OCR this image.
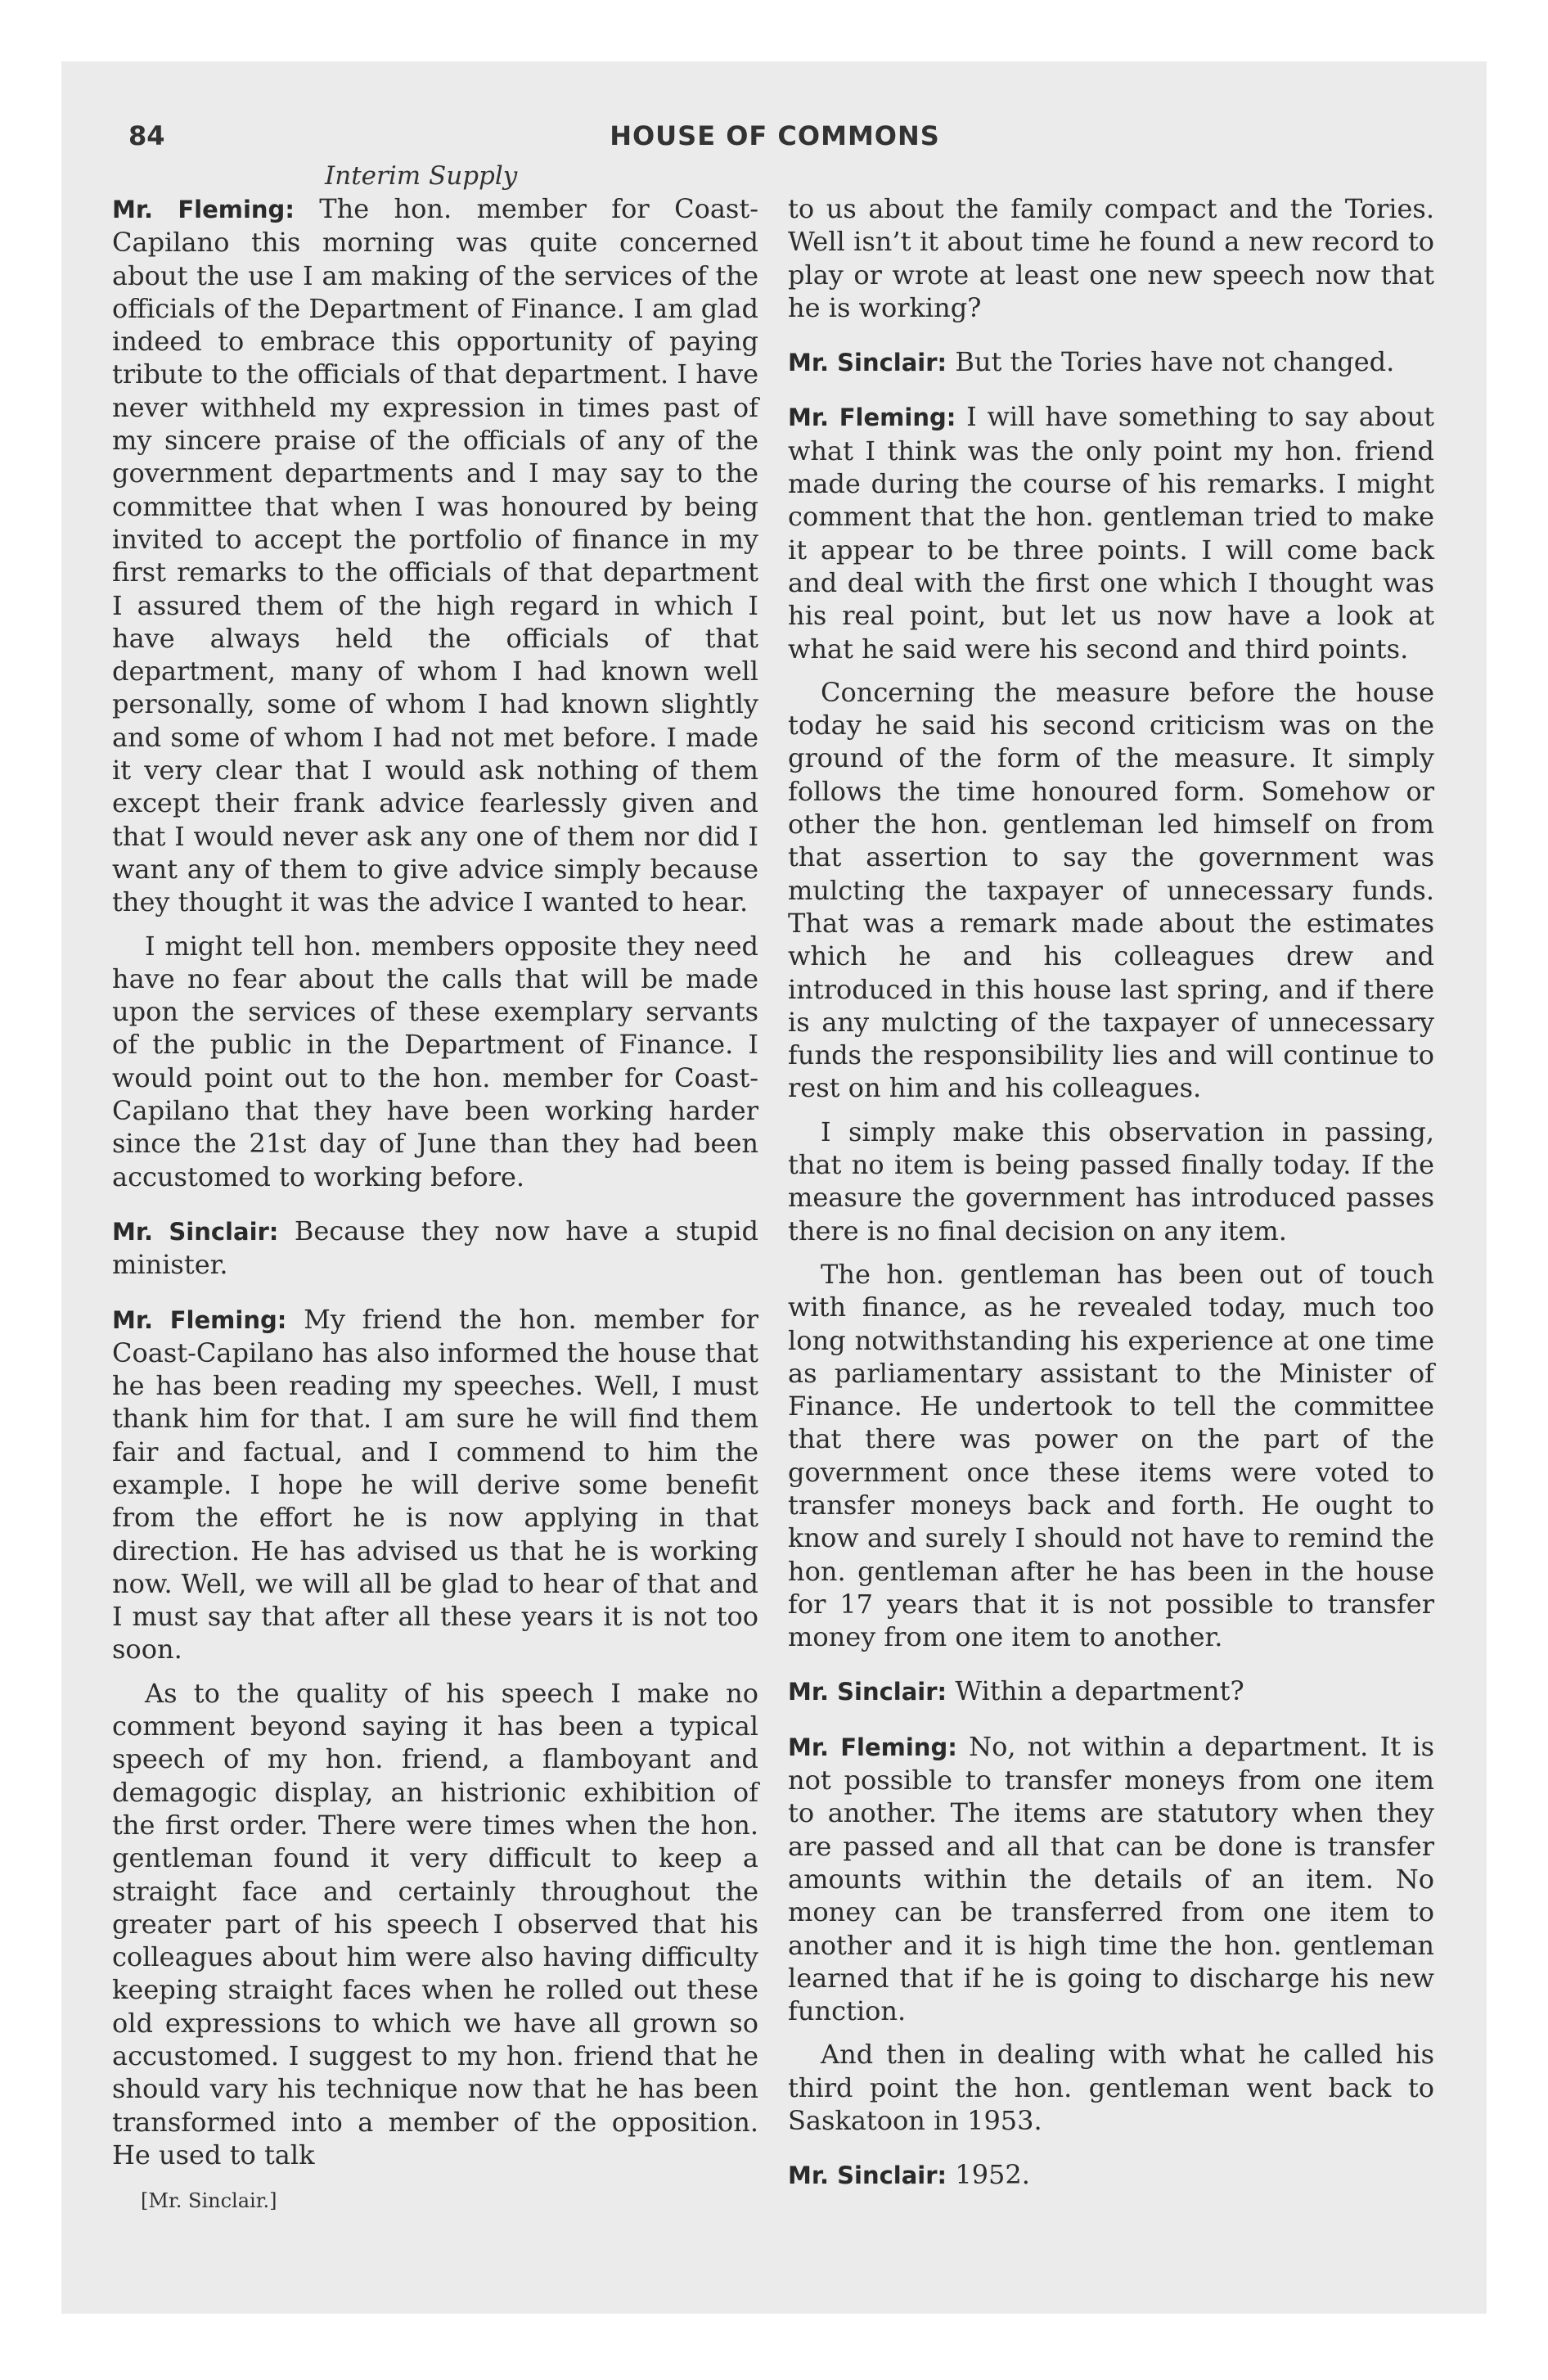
84	HOUSE OF COMMONS
Interim Supply

Mr. Fleming: The hon. member for Coast-Capilano this morning was quite concerned about the use I am making of the services of the officials of the Department of Finance. I am glad indeed to embrace this opportunity of paying tribute to the officials of that department. I have never withheld my expression in times past of my sincere praise of the officials of any of the government departments and I may say to the committee that when I was honoured by being invited to accept the portfolio of finance in my first remarks to the officials of that department I assured them of the high regard in which I have always held the officials of that department, many of whom I had known well personally, some of whom I had known slightly and some of whom I had not met before. I made it very clear that I would ask nothing of them except their frank advice fearlessly given and that I would never ask any one of them nor did I want any of them to give advice simply because they thought it was the advice I wanted to hear.

I might tell hon. members opposite they need have no fear about the calls that will be made upon the services of these exemplary servants of the public in the Department of Finance. I would point out to the hon. member for Coast-Capilano that they have been working harder since the 21st day of June than they had been accustomed to working before.

Mr. Sinclair: Because they now have a stupid minister.

Mr. Fleming: My friend the hon. member for Coast-Capilano has also informed the house that he has been reading my speeches. Well, I must thank him for that. I am sure he will find them fair and factual, and I commend to him the example. I hope he will derive some benefit from the effort he is now applying in that direction. He has advised us that he is working now. Well, we will all be glad to hear of that and I must say that after all these years it is not too soon.

As to the quality of his speech I make no comment beyond saying it has been a typical speech of my hon. friend, a flamboyant and demagogic display, an histrionic exhibition of the first order. There were times when the hon. gentleman found it very difficult to keep a straight face and certainly throughout the greater part of his speech I observed that his colleagues about him were also having difficulty keeping straight faces when he rolled out these old expressions to which we have all grown so accustomed. I suggest to my hon. friend that he should vary his technique now that he has been transformed into a member of the opposition. He used to talk

to us about the family compact and the Tories. Well isn’t it about time he found a new record to play or wrote at least one new speech now that he is working?

Mr. Sinclair: But the Tories have not changed.

Mr. Fleming: I will have something to say about what I think was the only point my hon. friend made during the course of his remarks. I might comment that the hon. gentleman tried to make it appear to be three points. I will come back and deal with the first one which I thought was his real point, but let us now have a look at what he said were his second and third points.

Concerning the measure before the house today he said his second criticism was on the ground of the form of the measure. It simply follows the time honoured form. Somehow or other the hon. gentleman led himself on from that assertion to say the government was mulcting the taxpayer of unnecessary funds. That was a remark made about the estimates which he and his colleagues drew and introduced in this house last spring, and if there is any mulcting of the taxpayer of unnecessary funds the responsibility lies and will continue to rest on him and his colleagues.

I simply make this observation in passing, that no item is being passed finally today. If the measure the government has introduced passes there is no final decision on any item.

The hon. gentleman has been out of touch with finance, as he revealed today, much too long notwithstanding his experience at one time as parliamentary assistant to the Minister of Finance. He undertook to tell the committee that there was power on the part of the government once these items were voted to transfer moneys back and forth. He ought to know and surely I should not have to remind the hon. gentleman after he has been in the house for 17 years that it is not possible to transfer money from one item to another.

Mr. Sinclair: Within a department?

Mr. Fleming: No, not within a department. It is not possible to transfer moneys from one item to another. The items are statutory when they are passed and all that can be done is transfer amounts within the details of an item. No money can be transferred from one item to another and it is high time the hon. gentleman learned that if he is going to discharge his new function.

And then in dealing with what he called his third point the hon. gentleman went back to Saskatoon in 1953.

Mr. Sinclair: 1952.

[Mr. Sinclair.]
